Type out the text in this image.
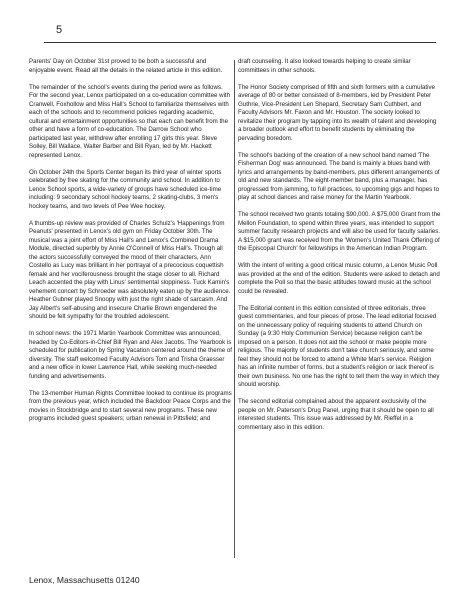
5

Parents' Day on October 31st proved to be both a successful and enjoyable event. Read all the details in the related article in this edition.

The remainder of the school's events during the period were as follows. For the second year, Lenox participated on a co-education committee with Cranwell, Foxhollow and Miss Hall's School to familiarize themselves with each of the schools and to recommend policies regarding academic, cultural and entertainment opportunities so that each can benefit from the other and have a form of co-education. The Darrow School who participated last year, withdrew after enrolling 17 girls this year. Steve Solley, Bill Wallace, Walter Barber and Bill Ryan, led by Mr. Hackett represented Lenox.

On October 24th the Sports Center began its third year of winter sports celebrated by free skating for the community and school. In addition to Lenox School sports, a wide-variety of groups have scheduled ice-time including: 9 secondary school hockey teams, 2 skating-clubs, 3 men's hockey teams, and two levels of Pee Wee hockey.

A thumbs-up review was provided of Charles Schulz's 'Happenings from Peanuts' presented in Lenox's old gym on Friday October 30th. The musical was a joint effort of Miss Hall's and Lenox's Combined Drama Module, directed superbly by Annie O'Connell of Miss Hall's. Though all the actors successfully conveyed the mood of their characters, Ann Costello as Lucy was brilliant in her portrayal of a precocious coquettish female and her vociferousness brought the stage closer to all. Richard Leach accented the play with Linus' sentimental sloppiness. Tuck Kamin's vehement concert by Schroeder was absolutely eaten up by the audience. Heather Gubner played Snoopy with just the right shade of sarcasm. And Jay Albert's self-abusing and insecure Charlie Brown engendered the should be felt sympathy for the troubled adolescent.

In school news: the 1971 Martin Yearbook Committee was announced, headed by Co-Editors-in-Chief Bill Ryan and Alex Jacobs. The Yearbook is scheduled for publication by Spring Vacation centered around the theme of diversity. The staff welcomed Faculty Advisors Tom and Trisha Graesser and a new office in lower Lawrence Hall, while seeking much-needed funding and advertisements.

The 13-member Human Rights Committee looked to continue its programs from the previous year, which included the Backdoor Peace Corps and the movies in Stockbridge and to start several new programs. These new programs included guest speakers; urban renewal in Pittsfield; and

draft counseling. It also looked towards helping to create similar committees in other schools.

The Honor Society comprised of fifth and sixth formers with a cumulative average of 80 or better consisted of 8-members, led by President Peter Guthrie, Vice-President Len Shepard, Secretary Sam Cuthbert, and Faculty Advisors Mr. Faxon and Mr. Houston. The society looked to revitalize their program by tapping into its wealth of talent and developing a broader outlook and effort to benefit students by eliminating the pervading boredom.

The school's backing of the creation of a new school band named 'The Fisherman Dog' was announced. The band is mainly a blues band with lyrics and arrangements by band-members, plus different arrangements of old and new standards. The eight-member band, plus a manager, has progressed from jamming, to full practices, to upcoming gigs and hopes to play at school dances and raise money for the Martin Yearbook.

The school received two grants totaling $90,000. A $75,000 Grant from the Mellon Foundation, to spend within three years, was intended to support summer faculty research projects and will also be used for faculty salaries. A $15,000 grant was received from the 'Women's United Thank Offering of the Episcopal Church' for fellowships in the American Indian Program.

With the intent of writing a good critical music column, a Lenox Music Poll was provided at the end of the edition. Students were asked to detach and complete the Poll so that the basic attitudes toward music at the school could be revealed.

The Editorial content in this edition consisted of three editorials, three guest commentaries, and four pieces of prose. The lead editorial focused on the unnecessary policy of requiring students to attend Church on Sunday (a 9:30 Holy Communion Service) because religion can't be imposed on a person. It does not aid the school or make people more religious. The majority of students don't take church seriously, and some feel they should not be forced to attend a White Man's service. Religion has an infinite number of forms, but a student's religion or lack thereof is their own business. No one has the right to tell them the way in which they should worship.

The second editorial complained about the apparent exclusivity of the people on Mr. Paterson's Drug Panel, urging that it should be open to all interested students. This issue was addressed by Mr. Rieffel in a commentary also in this edition.

Lenox, Massachusetts 01240
